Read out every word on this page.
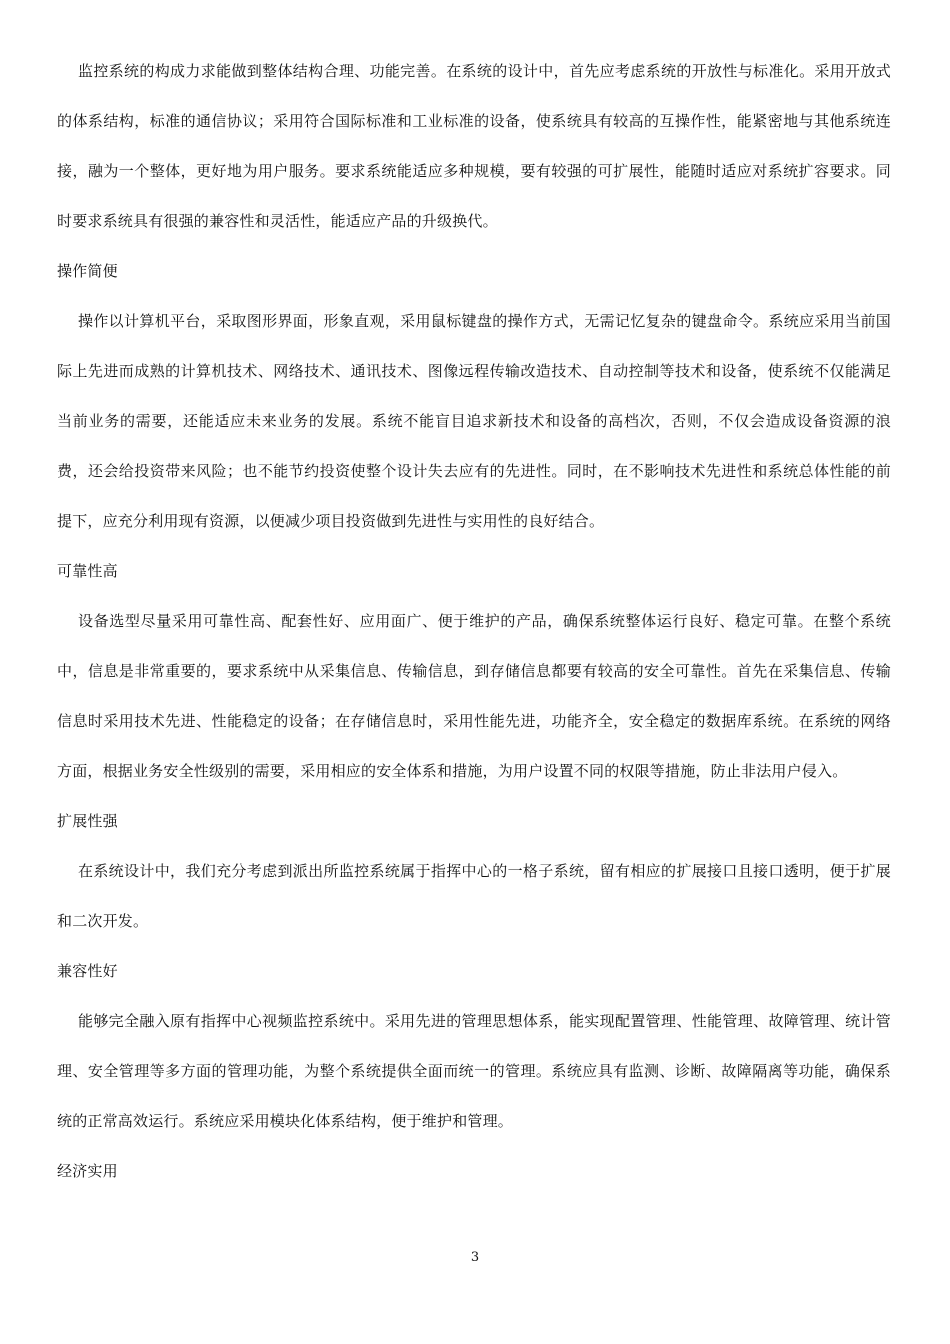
监控系统的构成力求能做到整体结构合理、功能完善。在系统的设计中，首先应考虑系统的开放性与标准化。采用开放式的体系结构，标准的通信协议；采用符合国际标准和工业标准的设备，使系统具有较高的互操作性，能紧密地与其他系统连接，融为一个整体，更好地为用户服务。要求系统能适应多种规模，要有较强的可扩展性，能随时适应对系统扩容要求。同时要求系统具有很强的兼容性和灵活性，能适应产品的升级换代。

操作简便

操作以计算机平台，采取图形界面，形象直观，采用鼠标键盘的操作方式，无需记忆复杂的键盘命令。系统应采用当前国际上先进而成熟的计算机技术、网络技术、通讯技术、图像远程传输改造技术、自动控制等技术和设备，使系统不仅能满足当前业务的需要，还能适应未来业务的发展。系统不能盲目追求新技术和设备的高档次，否则，不仅会造成设备资源的浪费，还会给投资带来风险；也不能节约投资使整个设计失去应有的先进性。同时，在不影响技术先进性和系统总体性能的前提下，应充分利用现有资源，以便减少项目投资做到先进性与实用性的良好结合。

可靠性高

设备选型尽量采用可靠性高、配套性好、应用面广、便于维护的产品，确保系统整体运行良好、稳定可靠。在整个系统中，信息是非常重要的，要求系统中从采集信息、传输信息，到存储信息都要有较高的安全可靠性。首先在采集信息、传输信息时采用技术先进、性能稳定的设备；在存储信息时，采用性能先进，功能齐全，安全稳定的数据库系统。在系统的网络方面，根据业务安全性级别的需要，采用相应的安全体系和措施，为用户设置不同的权限等措施，防止非法用户侵入。

扩展性强

在系统设计中，我们充分考虑到派出所监控系统属于指挥中心的一格子系统，留有相应的扩展接口且接口透明，便于扩展和二次开发。

兼容性好

能够完全融入原有指挥中心视频监控系统中。采用先进的管理思想体系，能实现配置管理、性能管理、故障管理、统计管理、安全管理等多方面的管理功能，为整个系统提供全面而统一的管理。系统应具有监测、诊断、故障隔离等功能，确保系统的正常高效运行。系统应采用模块化体系结构，便于维护和管理。

经济实用

3
